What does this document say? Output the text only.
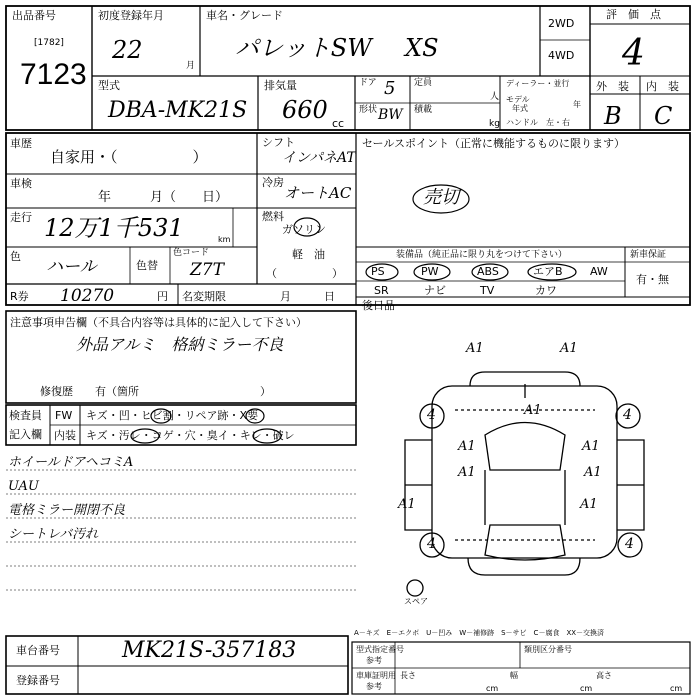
出品番号
[1782]
7123
初度登録年月
22
月
車名・グレード
パレットSW XS
2WD
4WD
評　価　点
4
型式
DBA-MK21S
排気量
660 cc
ドア 5
形状 BW
定員
人
積載
kg
ディーラー・並行
モデル
年式	年
ハンドル　左・右
外　装 内　装
B C
車歴
自家用・（　　　　　）
車検
年　　　月（　　日）
走行 12万1千531	km
色
ハール	色替
色コード
Z7T
シフト
インパネAT
冷房
オートAC
燃料
ガソリン
軽　油
（　　　　　）
R券 10270	円 名変期限	月　　　日
セールスポイント（正常に機能するものに限ります）
売切
装備品（純正品に限り丸をつけて下さい）	新車保証
有・無
PS	PW	ABS	エアB AW
SR	ナビ	TV	カワ
後日品
注意事項申告欄（不具合内容等は具体的に記入して下さい）
外品アルミ　格納ミラー不良
修復歴　　有（箇所　　　　　　　　　　　）
検査員
記入欄
FW キズ・凹・ヒビ割・リペア跡・X要
内装 キズ・汚レ・コゲ・穴・臭イ・キレ・破レ
ホイールドアヘコミA
UAU
電格ミラー開閉不良
シートレバ汚れ
A1	A1
A1
A1	A1
A1	A1
A1	A1
4	4
4	4
スペア
A－キズ　E－エクボ　U－凹み　W－補修跡　S－サビ　C－腐食　XX－交換済
車台番号	MK21S-357183
登録番号
型式指定番号
参考
類別区分番号
車庫証明用
参考
長さ
cm
幅
cm
高さ
cm
